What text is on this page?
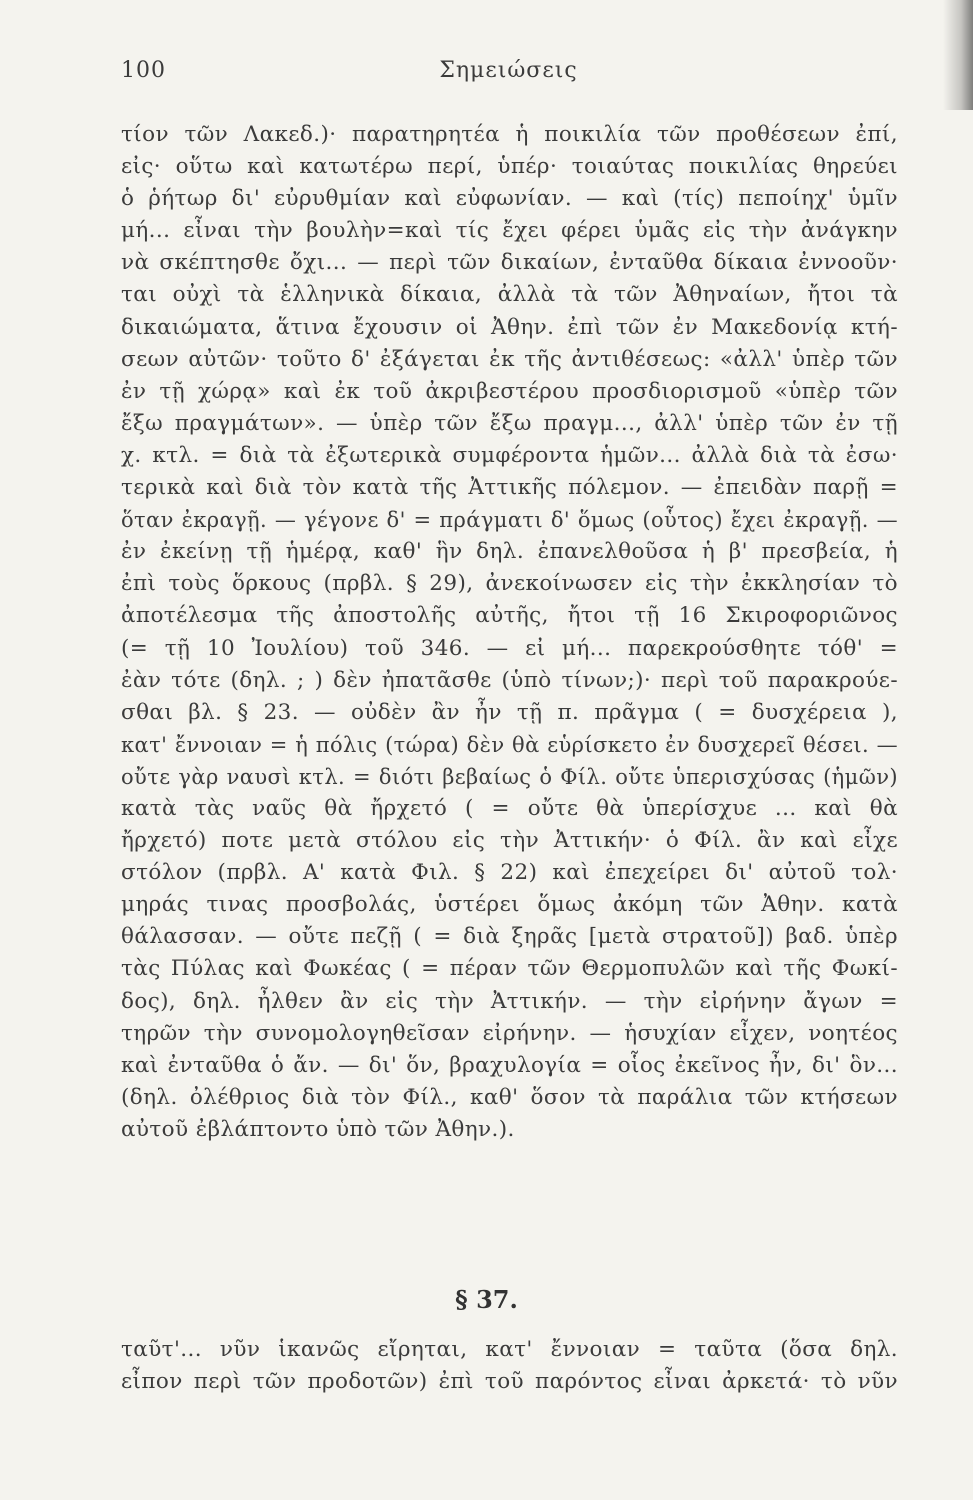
100	Σημειώσεις
τίον τῶν Λακεδ.)· παρατηρητέα ἡ ποικιλία τῶν προθέσεων ἐπί,
εἰς· οὕτω καὶ κατωτέρω περί, ὑπέρ· τοιαύτας ποικιλίας θηρεύει
ὁ ῥήτωρ δι' εὐρυθμίαν καὶ εὐφωνίαν. — καὶ (τίς) πεποίηχ' ὑμῖν
μή... εἶναι τὴν βουλὴν=καὶ τίς ἔχει φέρει ὑμᾶς εἰς τὴν ἀνάγκην
νὰ σκέπτησθε ὄχι... — περὶ τῶν δικαίων, ἐνταῦθα δίκαια ἐννοοῦν·
ται οὐχὶ τὰ ἑλληνικὰ δίκαια, ἀλλὰ τὰ τῶν Ἀθηναίων, ἤτοι τὰ
δικαιώματα, ἅτινα ἔχουσιν οἱ Ἀθην. ἐπὶ τῶν ἐν Μακεδονίᾳ κτή-
σεων αὐτῶν· τοῦτο δ' ἐξάγεται ἐκ τῆς ἀντιθέσεως: «ἀλλ' ὑπὲρ τῶν
ἐν τῇ χώρᾳ» καὶ ἐκ τοῦ ἀκριβεστέρου προσδιορισμοῦ «ὑπὲρ τῶν
ἔξω πραγμάτων». — ὑπὲρ τῶν ἔξω πραγμ..., ἀλλ' ὑπὲρ τῶν ἐν τῇ
χ. κτλ. = διὰ τὰ ἐξωτερικὰ συμφέροντα ἡμῶν... ἀλλὰ διὰ τὰ ἐσω·
τερικὰ καὶ διὰ τὸν κατὰ τῆς Ἀττικῆς πόλεμον. — ἐπειδὰν παρῇ =
ὅταν ἐκραγῇ. — γέγονε δ' = πράγματι δ' ὅμως (οὗτος) ἔχει ἐκραγῇ. —
ἐν ἐκείνῃ τῇ ἡμέρᾳ, καθ' ἣν δηλ. ἐπανελθοῦσα ἡ β' πρεσβεία, ἡ
ἐπὶ τοὺς ὅρκους (πρβλ. § 29), ἀνεκοίνωσεν εἰς τὴν ἐκκλησίαν τὸ
ἀποτέλεσμα τῆς ἀποστολῆς αὐτῆς, ἤτοι τῇ 16 Σκιροφοριῶνος
(= τῇ 10 Ἰουλίου) τοῦ 346. — εἰ μή... παρεκρούσθητε τόθ' =
ἐὰν τότε (δηλ. ; ) δὲν ἠπατᾶσθε (ὑπὸ τίνων;)· περὶ τοῦ παρακρούε-
σθαι βλ. § 23. — οὐδὲν ἂν ἦν τῇ π. πρᾶγμα ( = δυσχέρεια ),
κατ' ἔννοιαν = ἡ πόλις (τώρα) δὲν θὰ εὑρίσκετο ἐν δυσχερεῖ θέσει. —
οὔτε γὰρ ναυσὶ κτλ. = διότι βεβαίως ὁ Φίλ. οὔτε ὑπερισχύσας (ἡμῶν)
κατὰ τὰς ναῦς θὰ ἤρχετό ( = οὔτε θὰ ὑπερίσχυε ... καὶ θὰ
ἤρχετό) ποτε μετὰ στόλου εἰς τὴν Ἀττικήν· ὁ Φίλ. ἂν καὶ εἶχε
στόλον (πρβλ. Α' κατὰ Φιλ. § 22) καὶ ἐπεχείρει δι' αὐτοῦ τολ·
μηράς τινας προσβολάς, ὑστέρει ὅμως ἀκόμη τῶν Ἀθην. κατὰ
θάλασσαν. — οὔτε πεζῇ ( = διὰ ξηρᾶς [μετὰ στρατοῦ]) βαδ. ὑπὲρ
τὰς Πύλας καὶ Φωκέας ( = πέραν τῶν Θερμοπυλῶν καὶ τῆς Φωκί-
δος), δηλ. ἦλθεν ἂν εἰς τὴν Ἀττικήν. — τὴν εἰρήνην ἄγων =
τηρῶν τὴν συνομολογηθεῖσαν εἰρήνην. — ἡσυχίαν εἶχεν, νοητέος
καὶ ἐνταῦθα ὁ ἄν. — δι' ὅν, βραχυλογία = οἷος ἐκεῖνος ἦν, δι' ὃν...
(δηλ. ὀλέθριος διὰ τὸν Φίλ., καθ' ὅσον τὰ παράλια τῶν κτήσεων
αὐτοῦ ἐβλάπτοντο ὑπὸ τῶν Ἀθην.).
§ 37.
ταῦτ'... νῦν ἱκανῶς εἴρηται, κατ' ἔννοιαν = ταῦτα (ὅσα δηλ.
εἶπον περὶ τῶν προδοτῶν) ἐπὶ τοῦ παρόντος εἶναι ἀρκετά· τὸ νῦν
